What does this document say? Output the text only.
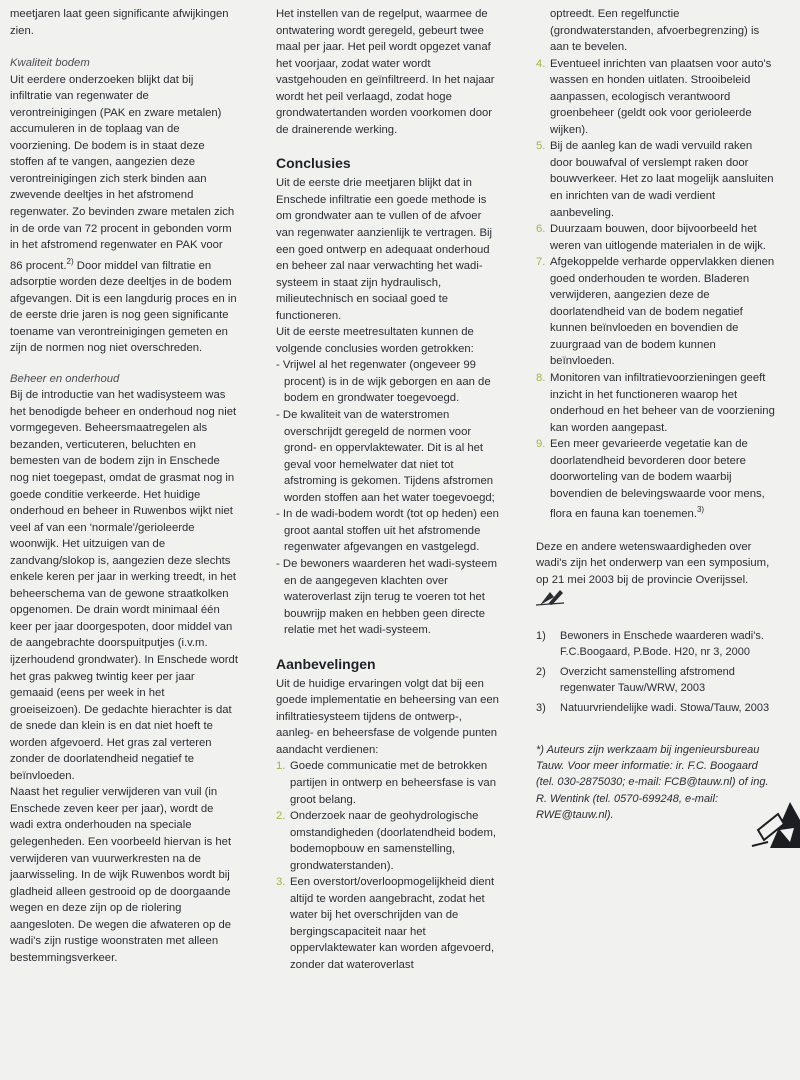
meetjaren laat geen significante afwijkingen zien.

Kwaliteit bodem

Uit eerdere onderzoeken blijkt dat bij infiltratie van regenwater de verontreinigingen (PAK en zware metalen) accumuleren in de toplaag van de voorziening. De bodem is in staat deze stoffen af te vangen, aangezien deze verontreinigingen zich sterk binden aan zwevende deeltjes in het afstromend regenwater. Zo bevinden zware metalen zich in de orde van 72 procent in gebonden vorm in het afstromend regenwater en PAK voor 86 procent.$^{2)}$ Door middel van filtratie en adsorptie worden deze deeltjes in de bodem afgevangen. Dit is een langdurig proces en in de eerste drie jaren is nog geen significante toename van verontreinigingen gemeten en zijn de normen nog niet overschreden.

Beheer en onderhoud

Bij de introductie van het wadisysteem was het benodigde beheer en onderhoud nog niet vormgegeven. Beheersmaatregelen als bezanden, verticuteren, beluchten en bemesten van de bodem zijn in Enschede nog niet toegepast, omdat de grasmat nog in goede conditie verkeerde. Het huidige onderhoud en beheer in Ruwenbos wijkt niet veel af van een 'normale'/gerioleerde woonwijk. Het uitzuigen van de zandvang/slokop is, aangezien deze slechts enkele keren per jaar in werking treedt, in het beheerschema van de gewone straatkolken opgenomen. De drain wordt minimaal één keer per jaar doorgespoten, door middel van de aangebrachte doorspuitputjes (i.v.m. ijzerhoudend grondwater). In Enschede wordt het gras pakweg twintig keer per jaar gemaaid (eens per week in het groeiseizoen). De gedachte hierachter is dat de snede dan klein is en dat niet hoeft te worden afgevoerd. Het gras zal verteren zonder de doorlatendheid negatief te beïnvloeden.

Naast het regulier verwijderen van vuil (in Enschede zeven keer per jaar), wordt de wadi extra onderhouden na speciale gelegenheden. Een voorbeeld hiervan is het verwijderen van vuurwerkresten na de jaarwisseling. In de wijk Ruwenbos wordt bij gladheid alleen gestrooid op de doorgaande wegen en deze zijn op de riolering aangesloten. De wegen die afwateren op de wadi's zijn rustige woonstraten met alleen bestemmingsverkeer.

Het instellen van de regelput, waarmee de ontwatering wordt geregeld, gebeurt twee maal per jaar. Het peil wordt opgezet vanaf het voorjaar, zodat water wordt vastgehouden en geïnfiltreerd. In het najaar wordt het peil verlaagd, zodat hoge grondwatertanden worden voorkomen door de drainerende werking.

Conclusies

Uit de eerste drie meetjaren blijkt dat in Enschede infiltratie een goede methode is om grondwater aan te vullen of de afvoer van regenwater aanzienlijk te vertragen. Bij een goed ontwerp en adequaat onderhoud en beheer zal naar verwachting het wadi-systeem in staat zijn hydraulisch, milieutechnisch en sociaal goed te functioneren.

Uit de eerste meetresultaten kunnen de volgende conclusies worden getrokken:

- Vrijwel al het regenwater (ongeveer 99 procent) is in de wijk geborgen en aan de bodem en grondwater toegevoegd.

- De kwaliteit van de waterstromen overschrijdt geregeld de normen voor grond- en oppervlaktewater. Dit is al het geval voor hemelwater dat niet tot afstroming is gekomen. Tijdens afstromen worden stoffen aan het water toegevoegd;

- In de wadi-bodem wordt (tot op heden) een groot aantal stoffen uit het afstromende regenwater afgevangen en vastgelegd.

- De bewoners waarderen het wadi-systeem en de aangegeven klachten over wateroverlast zijn terug te voeren tot het bouwrijp maken en hebben geen directe relatie met het wadi-systeem.

Aanbevelingen

Uit de huidige ervaringen volgt dat bij een goede implementatie en beheersing van een infiltratiesysteem tijdens de ontwerp-, aanleg- en beheersfase de volgende punten aandacht verdienen:

1. Goede communicatie met de betrokken partijen in ontwerp en beheersfase is van groot belang.
2. Onderzoek naar de geohydrologische omstandigheden (doorlatendheid bodem, bodemopbouw en samenstelling, grondwaterstanden).
3. Een overstort/overloopmogelijkheid dient altijd te worden aangebracht, zodat het water bij het overschrijden van de bergingscapaciteit naar het oppervlaktewater kan worden afgevoerd, zonder dat wateroverlast
optreedt. Een regelfunctie (grondwaterstanden, afvoerbegrenzing) is aan te bevelen.
4. Eventueel inrichten van plaatsen voor auto's wassen en honden uitlaten. Strooibeleid aanpassen, ecologisch verantwoord groenbeheer (geldt ook voor gerioleerde wijken).
5. Bij de aanleg kan de wadi vervuild raken door bouwafval of verslempt raken door bouwverkeer. Het zo laat mogelijk aansluiten en inrichten van de wadi verdient aanbeveling.
6. Duurzaam bouwen, door bijvoorbeeld het weren van uitlogende materialen in de wijk.
7. Afgekoppelde verharde oppervlakken dienen goed onderhouden te worden. Bladeren verwijderen, aangezien deze de doorlatendheid van de bodem negatief kunnen beïnvloeden en bovendien de zuurgraad van de bodem kunnen beïnvloeden.
8. Monitoren van infiltratievoorzieningen geeft inzicht in het functioneren waarop het onderhoud en het beheer van de voorziening kan worden aangepast.
9. Een meer gevarieerde vegetatie kan de doorlatendheid bevorderen door betere doorworteling van de bodem waarbij bovendien de belevingswaarde voor mens, flora en fauna kan toenemen.$^{3)}$

Deze en andere wetenswaardigheden over wadi's zijn het onderwerp van een symposium, op 21 mei 2003 bij de provincie Overijssel.

1) Bewoners in Enschede waarderen wadi's. F.C.Boogaard, P.Bode. H20, nr 3, 2000

2) Overzicht samenstelling afstromend regenwater Tauw/WRW, 2003

3) Natuurvriendelijke wadi. Stowa/Tauw, 2003

*) Auteurs zijn werkzaam bij ingenieursbureau Tauw. Voor meer informatie: ir. F.C. Boogaard (tel. 030-2875030; e-mail: FCB@tauw.nl) of ing. R. Wentink (tel. 0570-699248, e-mail: RWE@tauw.nl).
